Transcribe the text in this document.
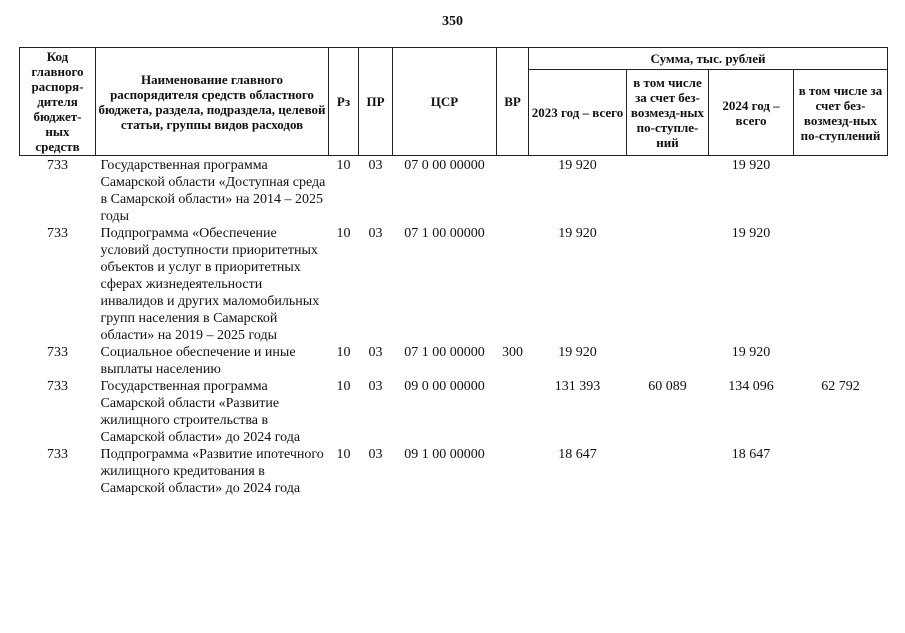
350
Код главного распоря-дителя бюджет-ных средств	Наименование главного распорядителя средств областного бюджета, раздела, подраздела, целевой статьи, группы видов расходов	Рз	ПР	ЦСР	ВР	Сумма, тыс. рублей			
						2023 год – всего	в том числе за счет без-возмезд-ных по-ступле-ний	2024 год – всего	в том числе за счет без-возмезд-ных по-ступлений
733	Государственная программа Самарской области «Доступная среда в Самарской области» на 2014 – 2025 годы	10	03	07 0 00 00000		19 920		19 920	
733	Подпрограмма «Обеспечение условий доступности приоритетных объектов и услуг в приоритетных сферах жизнедеятельности инвалидов и других маломобильных групп населения в Самарской области» на 2019 – 2025 годы	10	03	07 1 00 00000		19 920		19 920	
733	Социальное обеспечение и иные выплаты населению	10	03	07 1 00 00000	300	19 920		19 920	
733	Государственная программа Самарской области «Развитие жилищного строительства в Самарской области» до 2024 года	10	03	09 0 00 00000		131 393	60 089	134 096	62 792
733	Подпрограмма «Развитие ипотечного жилищного кредитования в Самарской области» до 2024 года	10	03	09 1 00 00000		18 647		18 647	
